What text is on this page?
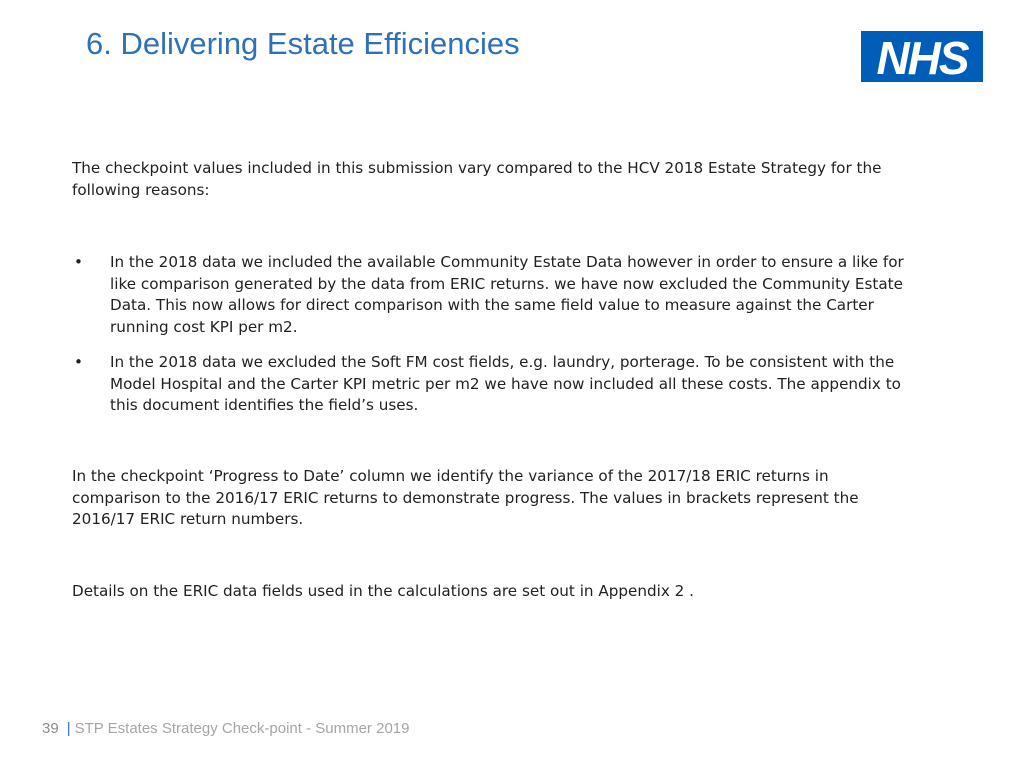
6. Delivering Estate Efficiencies	NHS
The checkpoint values included in this submission vary compared to the HCV 2018 Estate Strategy for the following reasons:
• In the 2018 data we included the available Community Estate Data however in order to ensure a like for like comparison generated by the data from ERIC returns. we have now excluded the Community Estate Data. This now allows for direct comparison with the same field value to measure against the Carter running cost KPI per m2.
• In the 2018 data we excluded the Soft FM cost fields, e.g. laundry, porterage. To be consistent with the Model Hospital and the Carter KPI metric per m2 we have now included all these costs. The appendix to this document identifies the field’s uses.
In the checkpoint ‘Progress to Date’ column we identify the variance of the 2017/18 ERIC returns in comparison to the 2016/17 ERIC returns to demonstrate progress. The values in brackets represent the 2016/17 ERIC return numbers.
Details on the ERIC data fields used in the calculations are set out in Appendix 2 .
39 | STP Estates Strategy Check-point - Summer 2019
